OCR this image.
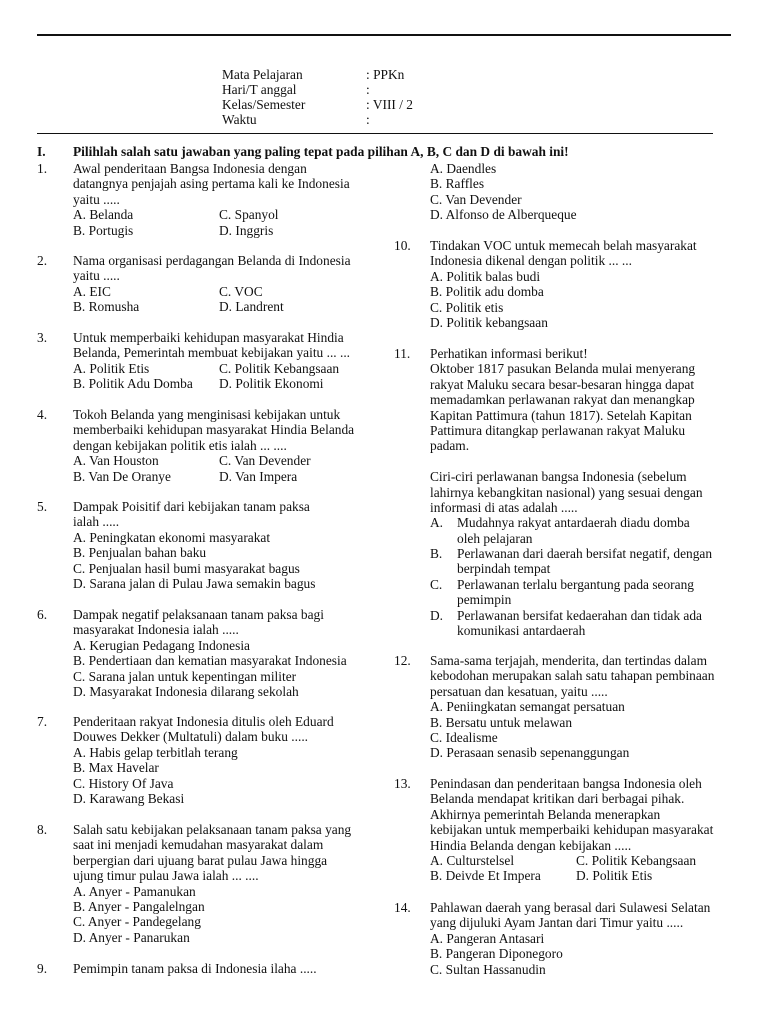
Mata Pelajaran	: PPKn
Hari/T anggal	:
Kelas/Semester	: VIII / 2
Waktu	:
I. Pilihlah salah satu jawaban yang paling tepat pada pilihan A, B, C dan D di bawah ini!
1. Awal penderitaan Bangsa Indonesia dengan
datangnya penjajah asing pertama kali ke Indonesia
yaitu .....
A. Belanda	C. Spanyol
B. Portugis	D. Inggris
2. Nama organisasi perdagangan Belanda di Indonesia
yaitu .....
A. EIC	C. VOC
B. Romusha	D. Landrent
3. Untuk memperbaiki kehidupan masyarakat Hindia
Belanda, Pemerintah membuat kebijakan yaitu ... ...
A. Politik Etis	C. Politik Kebangsaan
B. Politik Adu Domba	D. Politik Ekonomi
4. Tokoh Belanda yang menginisasi kebijakan untuk
memberbaiki kehidupan masyarakat Hindia Belanda
dengan kebijakan politik etis ialah ... ....
A. Van Houston	C. Van Devender
B. Van De Oranye	D. Van Impera
5. Dampak Poisitif dari kebijakan tanam paksa
ialah .....
A. Peningkatan ekonomi masyarakat
B. Penjualan bahan baku
C. Penjualan hasil bumi masyarakat bagus
D. Sarana jalan di Pulau Jawa semakin bagus
6. Dampak negatif pelaksanaan tanam paksa bagi
masyarakat Indonesia ialah .....
A. Kerugian Pedagang Indonesia
B. Pendertiaan dan kematian masyarakat Indonesia
C. Sarana jalan untuk kepentingan militer
D. Masyarakat Indonesia dilarang sekolah
7. Penderitaan rakyat Indonesia ditulis oleh Eduard
Douwes Dekker (Multatuli) dalam buku .....
A. Habis gelap terbitlah terang
B. Max Havelar
C. History Of Java
D. Karawang Bekasi
8. Salah satu kebijakan pelaksanaan tanam paksa yang
saat ini menjadi kemudahan masyarakat dalam
berpergian dari ujuang barat pulau Jawa hingga
ujung timur pulau Jawa ialah ... ....
A. Anyer - Pamanukan
B. Anyer - Pangalelngan
C. Anyer - Pandegelang
D. Anyer - Panarukan
9. Pemimpin tanam paksa di Indonesia ilaha .....
A. Daendles
B. Raffles
C. Van Devender
D. Alfonso de Alberqueque
10. Tindakan VOC untuk memecah belah masyarakat
Indonesia dikenal dengan politik ... ...
A. Politik balas budi
B. Politik adu domba
C. Politik etis
D. Politik kebangsaan
11. Perhatikan informasi berikut!
Oktober 1817 pasukan Belanda mulai menyerang
rakyat Maluku secara besar-besaran hingga dapat
memadamkan perlawanan rakyat dan menangkap
Kapitan Pattimura (tahun 1817). Setelah Kapitan
Pattimura ditangkap perlawanan rakyat Maluku
padam.
Ciri-ciri perlawanan bangsa Indonesia (sebelum
lahirnya kebangkitan nasional) yang sesuai dengan
informasi di atas adalah .....
A.	Mudahnya rakyat antardaerah diadu domba
oleh pelajaran
B.	Perlawanan dari daerah bersifat negatif, dengan
berpindah tempat
C.	Perlawanan terlalu bergantung pada seorang
pemimpin
D.	Perlawanan bersifat kedaerahan dan tidak ada
komunikasi antardaerah
12. Sama-sama terjajah, menderita, dan tertindas dalam
kebodohan merupakan salah satu tahapan pembinaan
persatuan dan kesatuan, yaitu .....
A. Peniingkatan semangat persatuan
B. Bersatu untuk melawan
C. Idealisme
D. Perasaan senasib sepenanggungan
13. Penindasan dan penderitaan bangsa Indonesia oleh
Belanda mendapat kritikan dari berbagai pihak.
Akhirnya pemerintah Belanda menerapkan
kebijakan untuk memperbaiki kehidupan masyarakat
Hindia Belanda dengan kebijakan .....
A. Culturstelsel	C. Politik Kebangsaan
B. Deivde Et Impera	D. Politik Etis
14. Pahlawan daerah yang berasal dari Sulawesi Selatan
yang dijuluki Ayam Jantan dari Timur yaitu .....
A. Pangeran Antasari
B. Pangeran Diponegoro
C. Sultan Hassanudin
